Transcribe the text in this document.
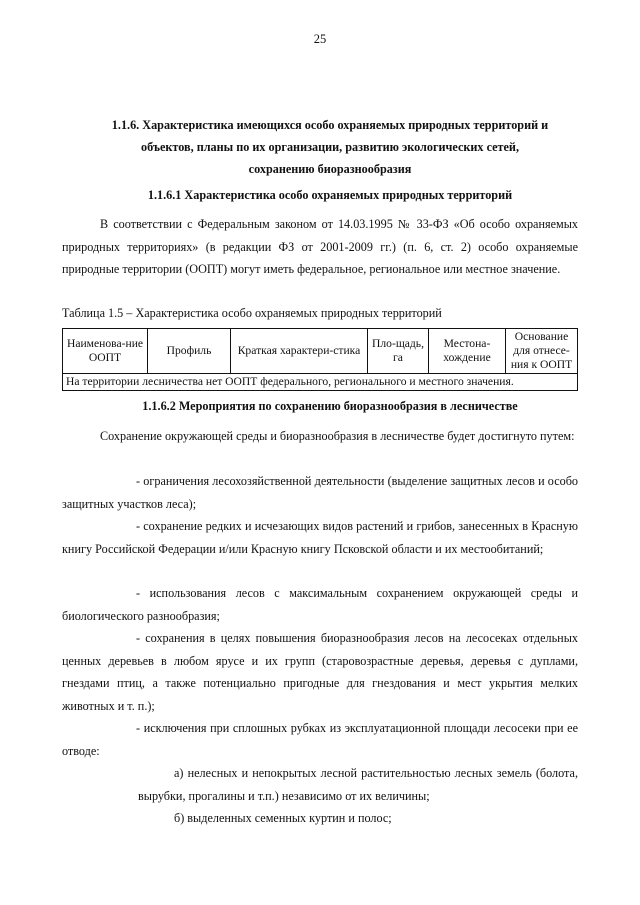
25
1.1.6. Характеристика имеющихся особо охраняемых природных территорий и
объектов, планы по их организации, развитию экологических сетей,
сохранению биоразнообразия
1.1.6.1 Характеристика особо охраняемых природных территорий
В соответствии с Федеральным законом от 14.03.1995 № 33-ФЗ «Об особо охраняемых природных территориях» (в редакции ФЗ от 2001-2009 гг.) (п. 6, ст. 2) особо охраняемые природные территории (ООПТ) могут иметь федеральное, региональное или местное значение.
Таблица 1.5 – Характеристика особо охраняемых природных территорий
Наименова-ние ООПТ	Профиль	Краткая характери-стика	Пло-щадь, га	Местона-хождение	Основание для отнесе-ния к ООПТ
На территории лесничества нет ООПТ федерального, регионального и местного значения.
1.1.6.2 Мероприятия по сохранению биоразнообразия в лесничестве
Сохранение окружающей среды и биоразнообразия в лесничестве будет достигнуто путем:
- ограничения лесохозяйственной деятельности (выделение защитных лесов и особо защитных участков леса);
- сохранение редких и исчезающих видов растений и грибов, занесенных в Красную книгу Российской Федерации и/или Красную книгу Псковской области и их местообитаний;
- использования лесов с максимальным сохранением окружающей среды и биологического разнообразия;
- сохранения в целях повышения биоразнообразия лесов на лесосеках отдельных ценных деревьев в любом ярусе и их групп (старовозрастные деревья, деревья с дуплами, гнездами птиц, а также потенциально пригодные для гнездования и мест укрытия мелких животных и т. п.);
- исключения при сплошных рубках из эксплуатационной площади лесосеки при ее отводе:
а) нелесных и непокрытых лесной растительностью лесных земель (болота, вырубки, прогалины и т.п.) независимо от их величины;
б) выделенных семенных куртин и полос;
